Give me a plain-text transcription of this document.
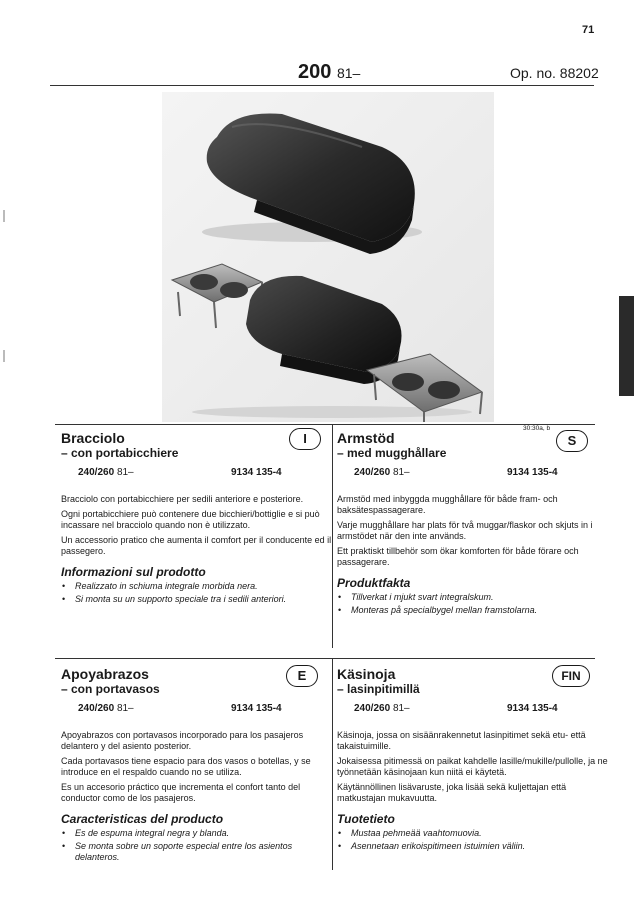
71
200 81–	Op. no. 88202
30:30a, b
Bracciolo
– con portabicchiere
240/260 81–	9134 135-4

Bracciolo con portabicchiere per sedili anteriore e posteriore.

Ogni portabicchiere può contenere due bicchieri/bottiglie e si può incassare nel bracciolo quando non è utilizzato.

Un accessorio pratico che aumenta il comfort per il conducente ed il passegero.

Informazioni sul prodotto
• Realizzato in schiuma integrale morbida nera.
• Si monta su un supporto speciale tra i sedili anteriori.
I	Armstöd
– med mugghållare
240/260 81–	9134 135-4

Armstöd med inbyggda mugghållare för både fram- och baksätespassagerare.

Varje mugghållare har plats för två muggar/flaskor och skjuts in i armstödet när den inte används.

Ett praktiskt tillbehör som ökar komforten för både förare och passagerare.

Produktfakta
• Tillverkat i mjukt svart integralskum.
• Monteras på specialbygel mellan framstolarna.
S
Apoyabrazos
– con portavasos
240/260 81–	9134 135-4

Apoyabrazos con portavasos incorporado para los pasajeros delantero y del asiento posterior.

Cada portavasos tiene espacio para dos vasos o botellas, y se introduce en el respaldo cuando no se utiliza.

Es un accesorio práctico que incrementa el confort tanto del conductor como de los pasajeros.

Caracteristicas del producto
• Es de espuma integral negra y blanda.
• Se monta sobre un soporte especial entre los asientos delanteros.
E	Käsinoja
– lasinpitimillä
240/260 81–	9134 135-4

Käsinoja, jossa on sisäänrakennetut lasinpitimet sekä etu- että takaistuimille.

Jokaisessa pitimessä on paikat kahdelle lasille/mukille/pullolle, ja ne työnnetään käsinojaan kun niitä ei käytetä.

Käytännöllinen lisävaruste, joka lisää sekä kuljettajan että matkustajan mukavuutta.

Tuotetieto
• Mustaa pehmeää vaahtomuovia.
• Asennetaan erikoispitimeen istuimien väliin.
FIN
